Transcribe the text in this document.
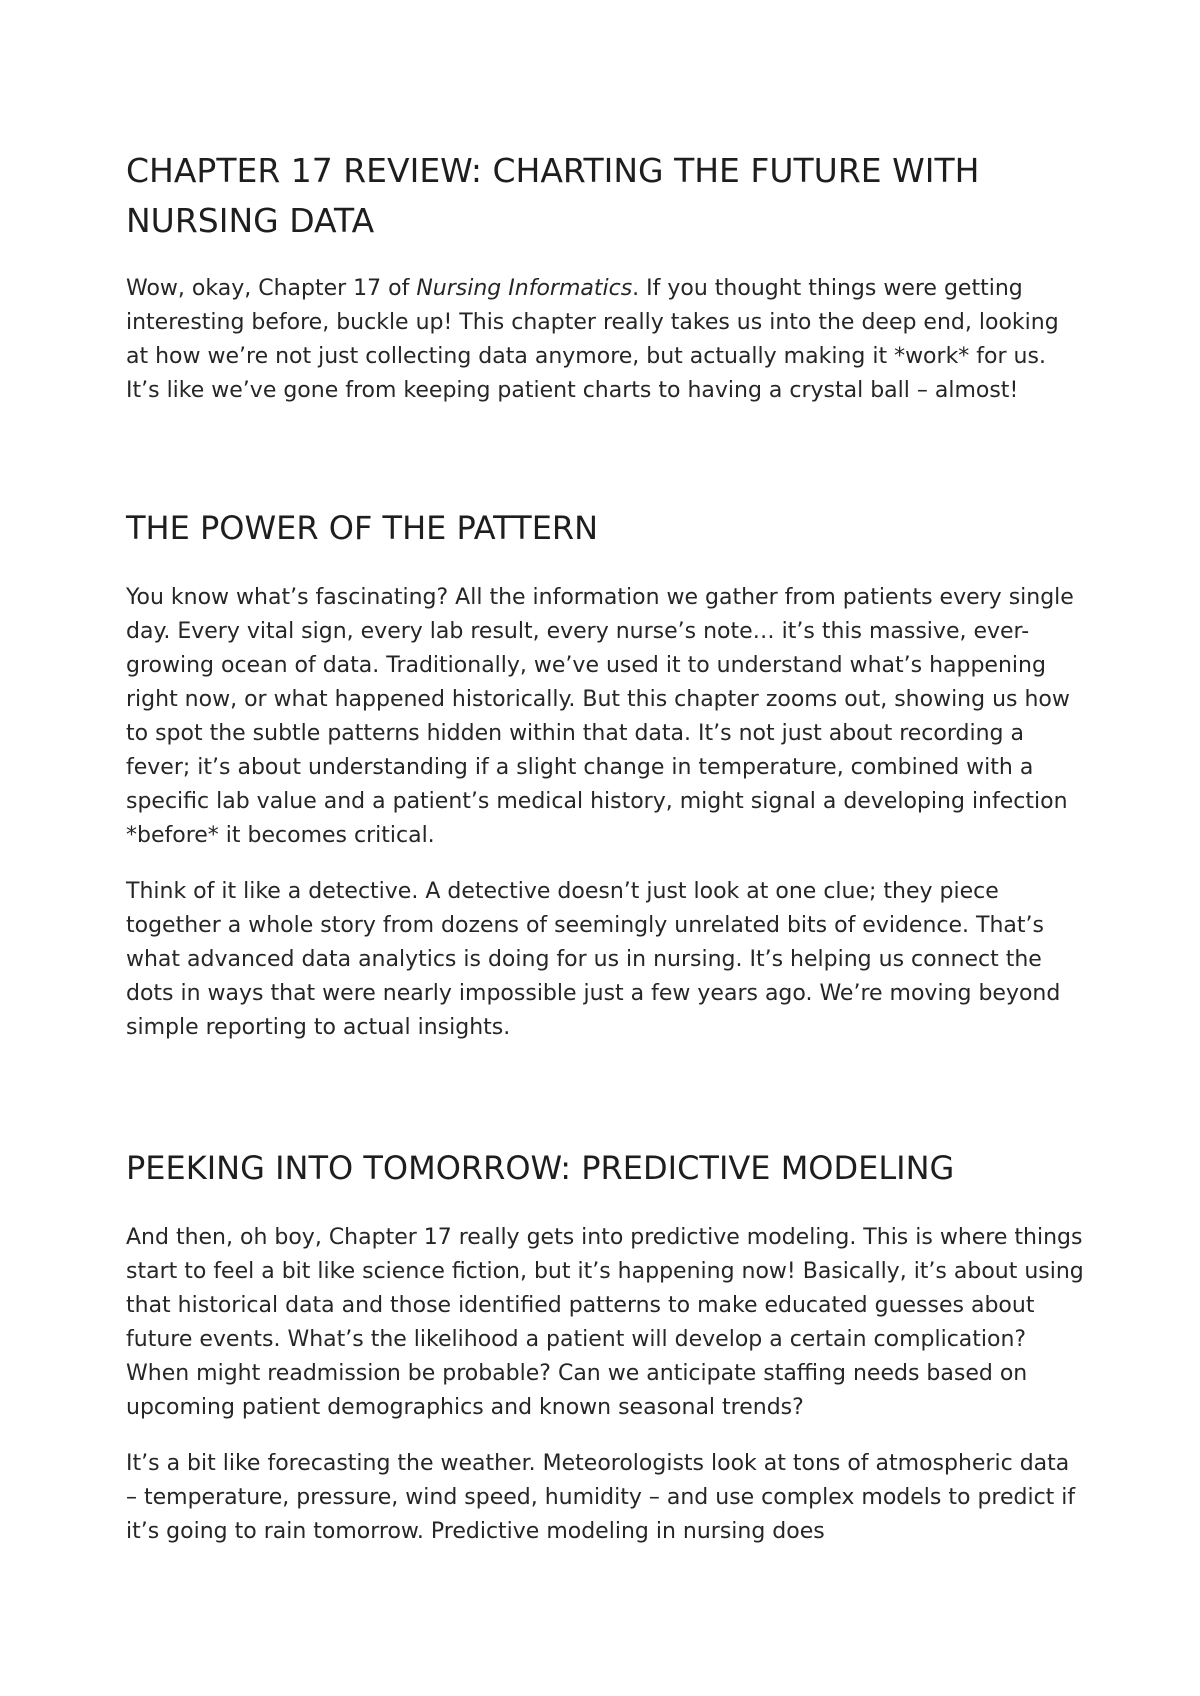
CHAPTER 17 REVIEW: CHARTING THE FUTURE WITH NURSING DATA

Wow, okay, Chapter 17 of Nursing Informatics. If you thought things were getting interesting before, buckle up! This chapter really takes us into the deep end, looking at how we’re not just collecting data anymore, but actually making it *work* for us. It’s like we’ve gone from keeping patient charts to having a crystal ball – almost!

THE POWER OF THE PATTERN

You know what’s fascinating? All the information we gather from patients every single day. Every vital sign, every lab result, every nurse’s note… it’s this massive, ever-growing ocean of data. Traditionally, we’ve used it to understand what’s happening right now, or what happened historically. But this chapter zooms out, showing us how to spot the subtle patterns hidden within that data. It’s not just about recording a fever; it’s about understanding if a slight change in temperature, combined with a specific lab value and a patient’s medical history, might signal a developing infection *before* it becomes critical.

Think of it like a detective. A detective doesn’t just look at one clue; they piece together a whole story from dozens of seemingly unrelated bits of evidence. That’s what advanced data analytics is doing for us in nursing. It’s helping us connect the dots in ways that were nearly impossible just a few years ago. We’re moving beyond simple reporting to actual insights.

PEEKING INTO TOMORROW: PREDICTIVE MODELING

And then, oh boy, Chapter 17 really gets into predictive modeling. This is where things start to feel a bit like science fiction, but it’s happening now! Basically, it’s about using that historical data and those identified patterns to make educated guesses about future events. What’s the likelihood a patient will develop a certain complication? When might readmission be probable? Can we anticipate staffing needs based on upcoming patient demographics and known seasonal trends?

It’s a bit like forecasting the weather. Meteorologists look at tons of atmospheric data – temperature, pressure, wind speed, humidity – and use complex models to predict if it’s going to rain tomorrow. Predictive modeling in nursing does
